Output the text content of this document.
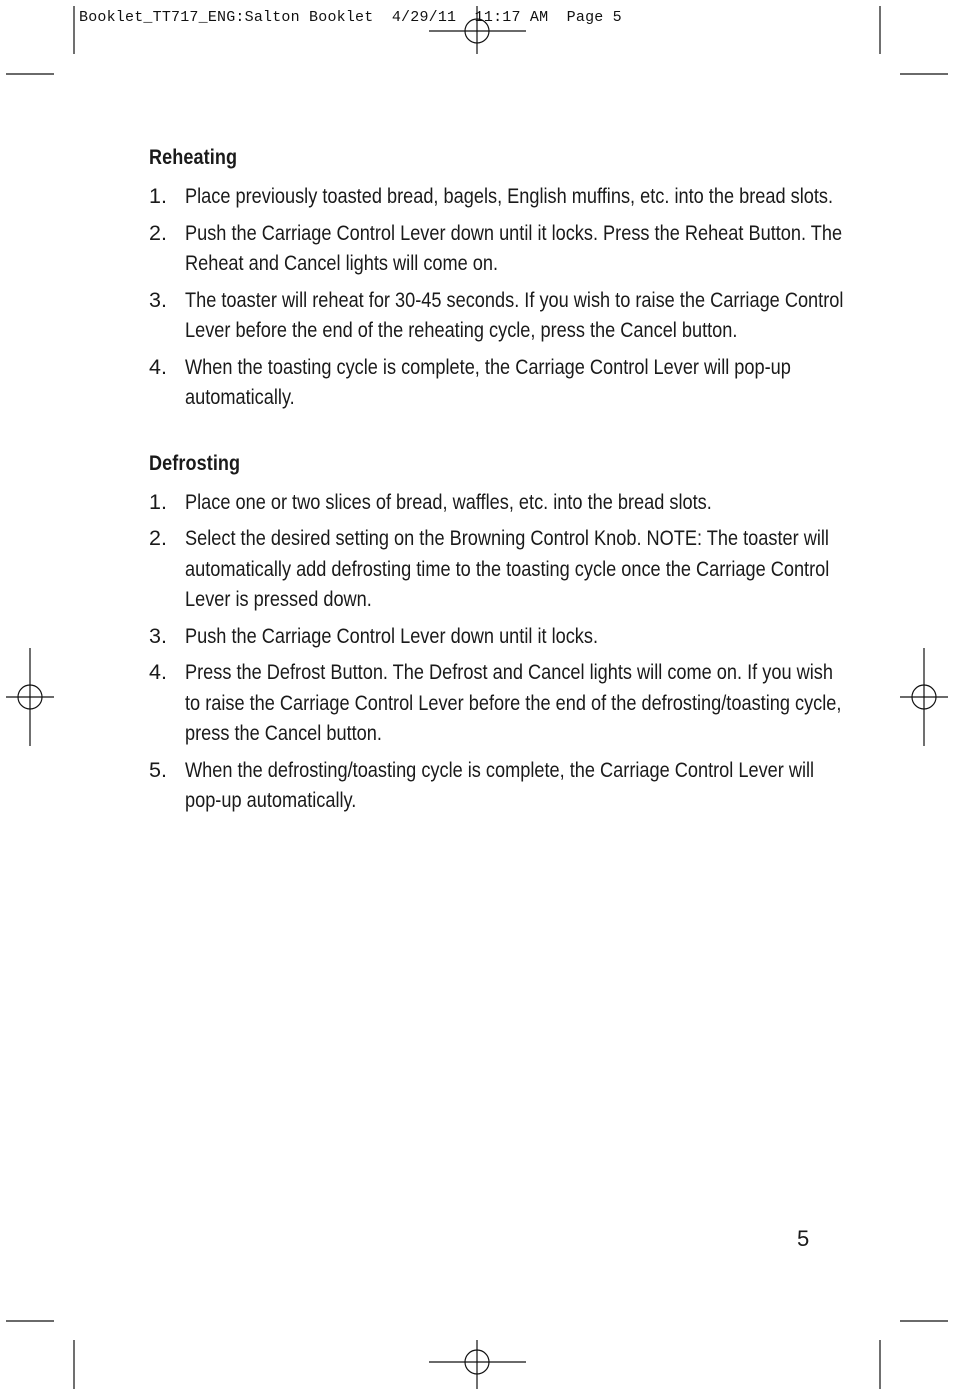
Booklet_TT717_ENG:Salton Booklet  4/29/11  11:17 AM  Page 5
Reheating
1. Place previously toasted bread, bagels, English muffins, etc. into the bread slots.
2. Push the Carriage Control Lever down until it locks. Press the Reheat Button. The Reheat and Cancel lights will come on.
3. The toaster will reheat for 30-45 seconds. If you wish to raise the Carriage Control Lever before the end of the reheating cycle, press the Cancel button.
4. When the toasting cycle is complete, the Carriage Control Lever will pop-up automatically.
Defrosting
1. Place one or two slices of bread, waffles, etc. into the bread slots.
2. Select the desired setting on the Browning Control Knob. NOTE: The toaster will automatically add defrosting time to the toasting cycle once the Carriage Control Lever is pressed down.
3. Push the Carriage Control Lever down until it locks.
4. Press the Defrost Button. The Defrost and Cancel lights will come on. If you wish to raise the Carriage Control Lever before the end of the defrosting/toasting cycle, press the Cancel button.
5. When the defrosting/toasting cycle is complete, the Carriage Control Lever will pop-up automatically.
5
